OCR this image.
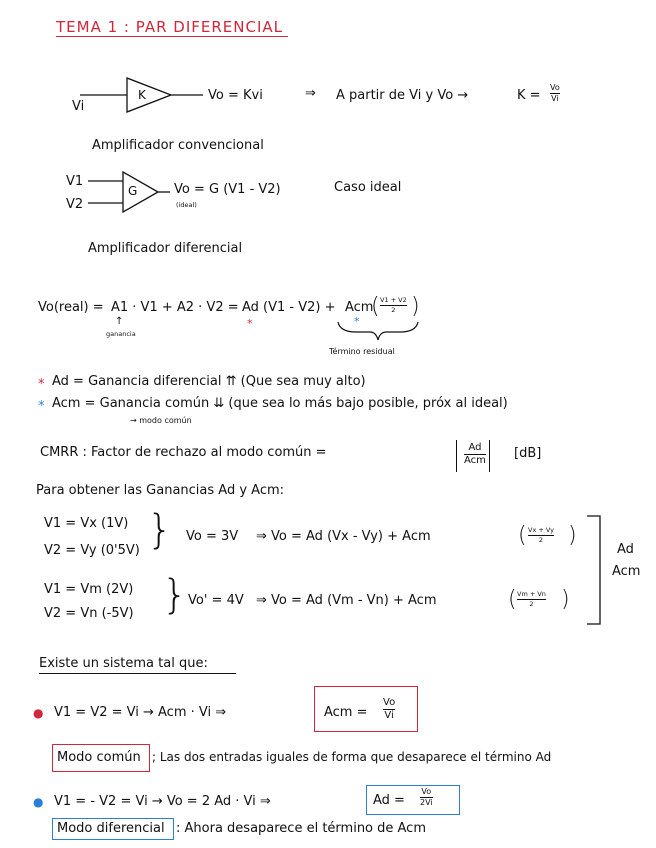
TEMA 1 : PAR DIFERENCIAL
Vi
K	Vo = Kvi	⇒ A partir de Vi y Vo →	K =
Vo
Vi
Amplificador convencional
V1
V2
G	Vo = G (V1 - V2)
(ideal)
Caso ideal
Amplificador diferencial
Vo(real) = A1 · V1 + A2 · V2 = Ad (V1 - V2) + Acm
( V1 + V2
2 )
*	*
↑
ganancia
Término residual
* Ad = Ganancia diferencial ⇈ (Que sea muy alto)
* Acm = Ganancia común ⇊ (que sea lo más bajo posible, próx al ideal)
→ modo común
CMRR : Factor de rechazo al modo común =	Ad
Acm [dB]
Para obtener las Ganancias Ad y Acm:
V1 = Vx (1V)
V2 = Vy (0'5V) } Vo = 3V ⇒ Vo = Ad (Vx - Vy) + Acm	( Vx + Vy
2 )
V1 = Vm (2V)
V2 = Vn (-5V) } Vo' = 4V ⇒ Vo = Ad (Vm - Vn) + Acm	( Vm + Vn
2 )
Ad
Acm
Existe un sistema tal que:
● V1 = V2 = Vi → Acm · Vi ⇒	Acm =
Vo
Vi
Modo común ; Las dos entradas iguales de forma que desaparece el término Ad
● V1 = - V2 = Vi → Vo = 2 Ad · Vi ⇒	Ad =
Vo
2Vi
Modo diferencial : Ahora desaparece el término de Acm
